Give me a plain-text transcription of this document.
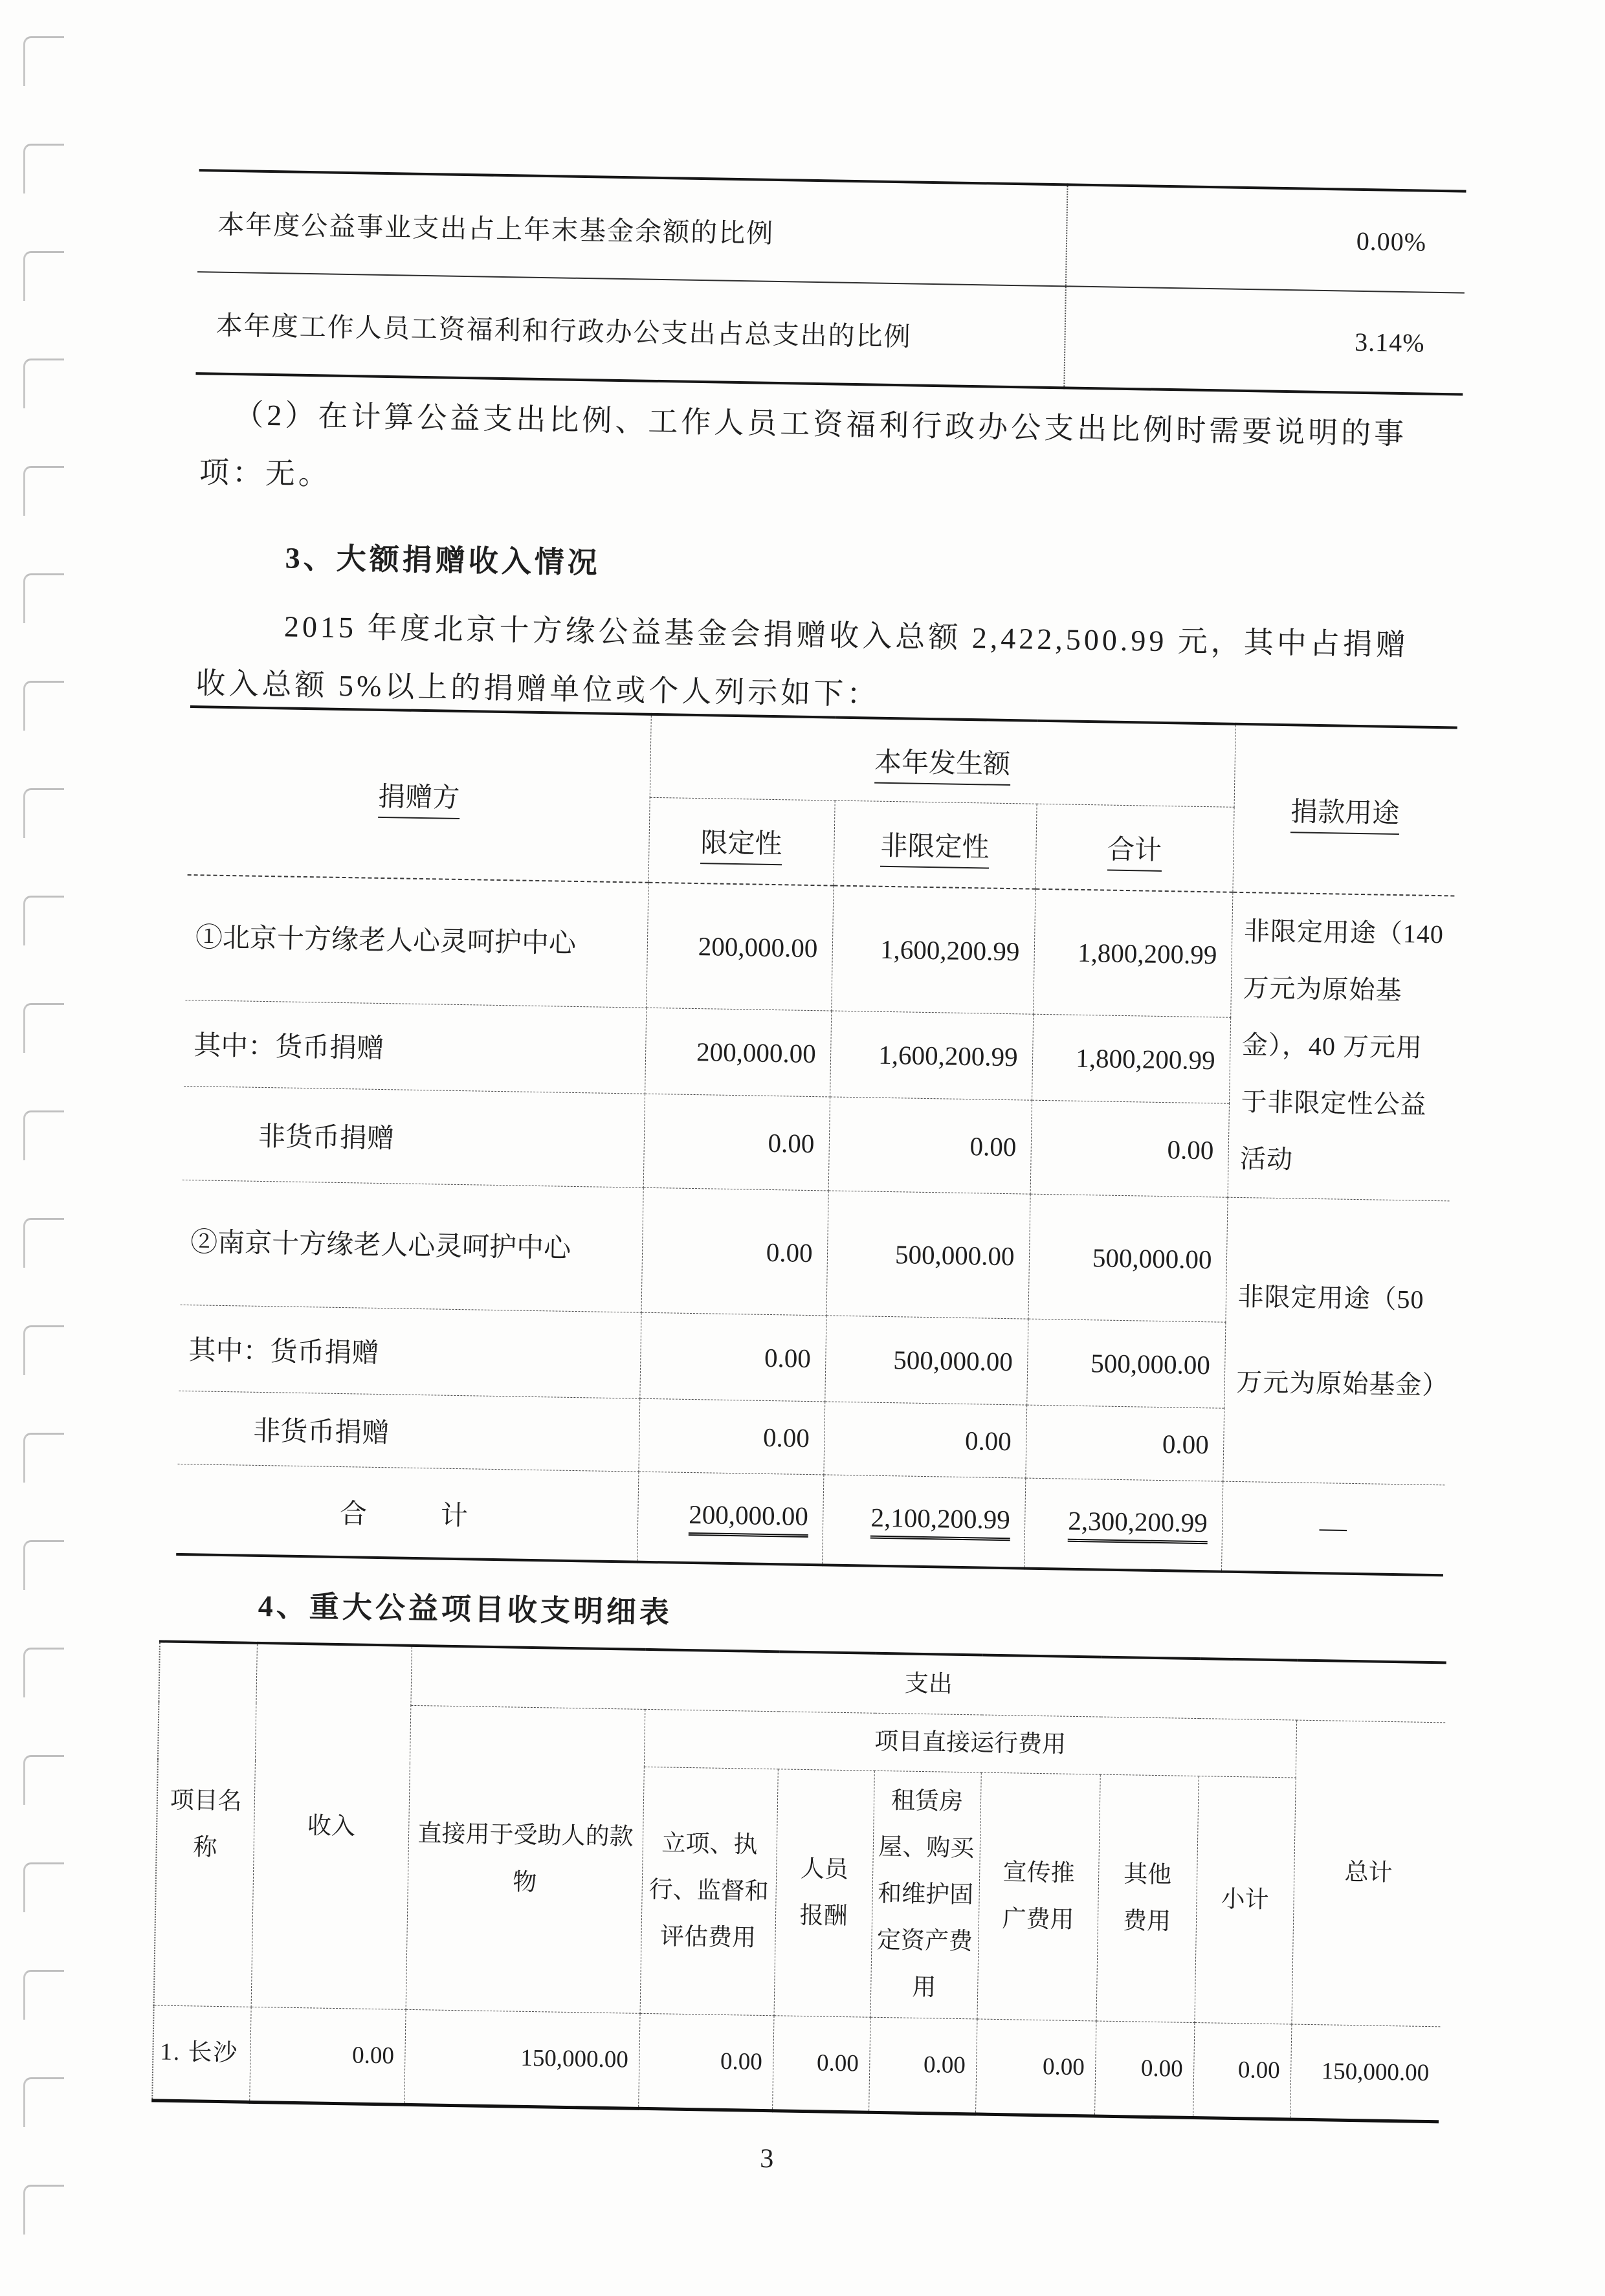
本年度公益事业支出占上年末基金余额的比例	0.00%
本年度工作人员工资福利和行政办公支出占总支出的比例	3.14%
（2）在计算公益支出比例、工作人员工资福利行政办公支出比例时需要说明的事
项：无。
3、大额捐赠收入情况
2015 年度北京十方缘公益基金会捐赠收入总额 2,422,500.99 元，其中占捐赠
收入总额 5%以上的捐赠单位或个人列示如下：
捐赠方	本年发生额			捐款用途
	限定性	非限定性	合计	
①北京十方缘老人心灵呵护中心	200,000.00	1,600,200.99	1,800,200.99	非限定用途（140 万元为原始基金），40 万元用于非限定性公益活动
其中：货币捐赠	200,000.00	1,600,200.99	1,800,200.99	
非货币捐赠	0.00	0.00	0.00	
②南京十方缘老人心灵呵护中心	0.00	500,000.00	500,000.00	非限定用途（50 万元为原始基金）
其中：货币捐赠	0.00	500,000.00	500,000.00	
非货币捐赠	0.00	0.00	0.00	
合　　计	200,000.00	2,100,200.99	2,300,200.99	—
4、重大公益项目收支明细表
项目名称	收入	支出							
		直接用于受助人的款物	项目直接运行费用						总计
			立项、执行、监督和评估费用	人员报酬	租赁房屋、购买和维护固定资产费用	宣传推广费用	其他费用	小计	
1. 长沙	0.00	150,000.00	0.00	0.00	0.00	0.00	0.00	0.00	150,000.00
3
